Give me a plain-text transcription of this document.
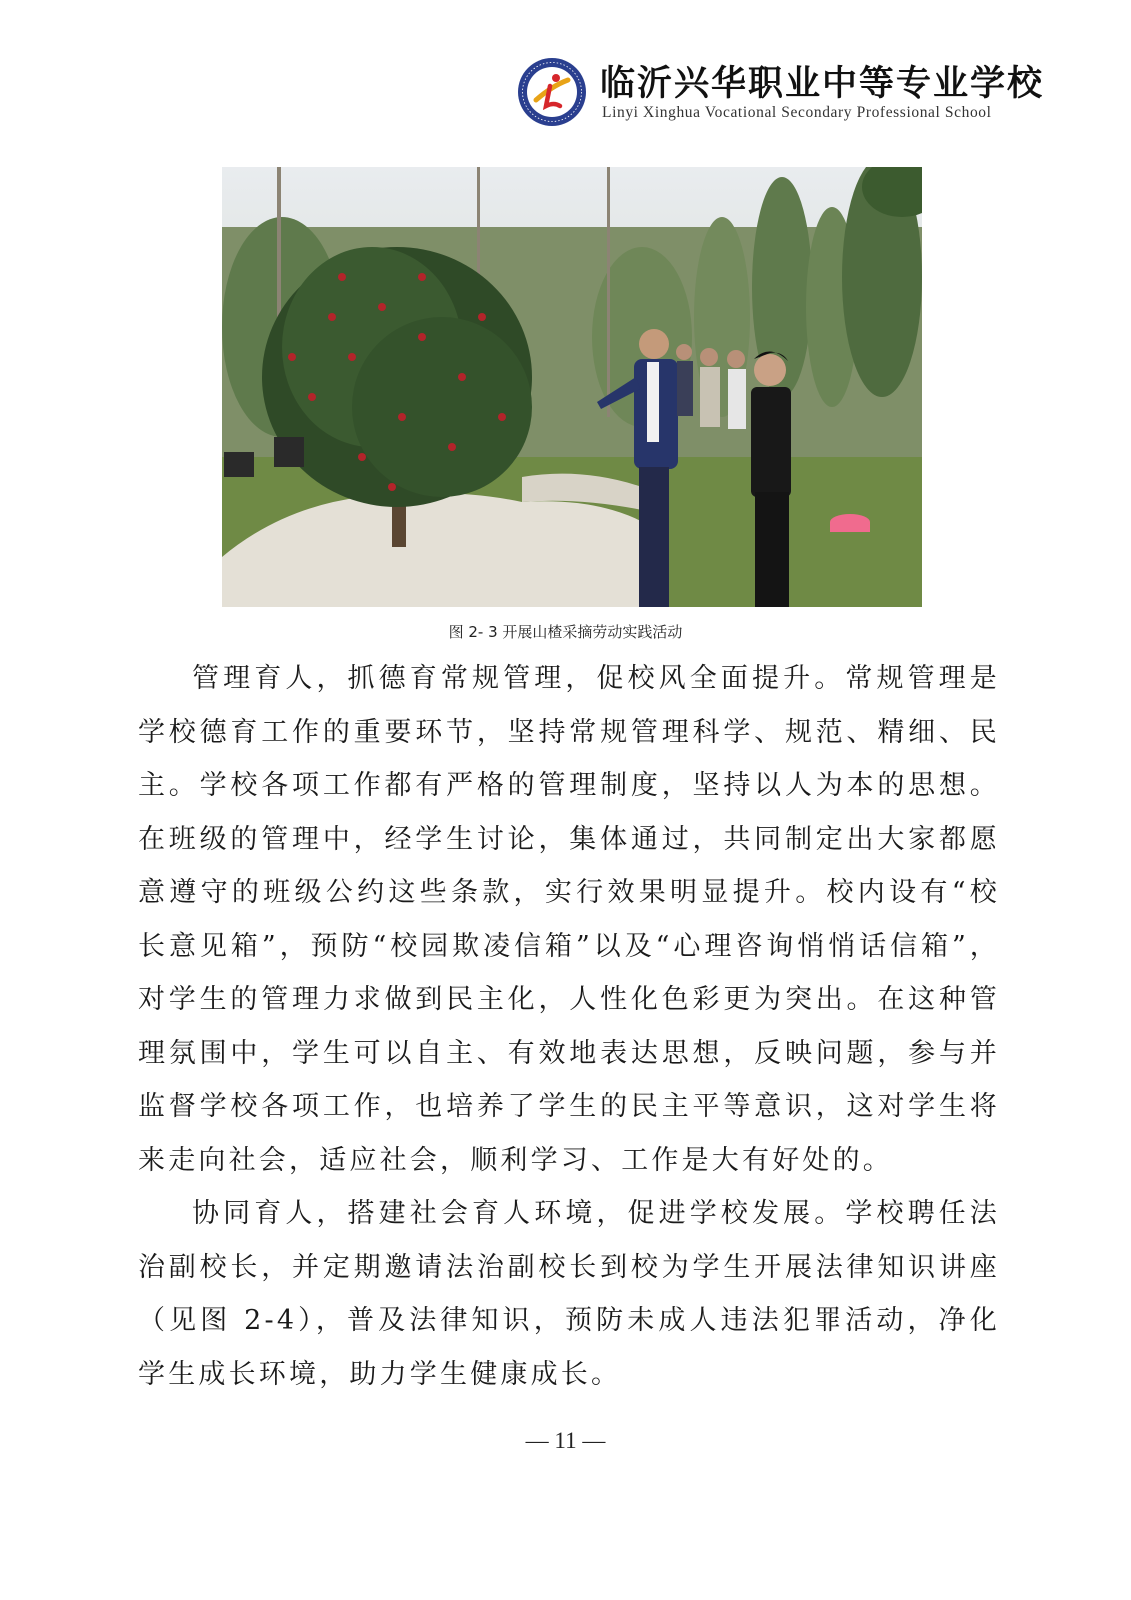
临沂兴华职业中等专业学校
Linyi Xinghua Vocational Secondary Professional School
图 2- 3 开展山楂采摘劳动实践活动

管理育人，抓德育常规管理，促校风全面提升。常规管理是学校德育工作的重要环节，坚持常规管理科学、规范、精细、民主。学校各项工作都有严格的管理制度，坚持以人为本的思想。在班级的管理中，经学生讨论，集体通过，共同制定出大家都愿意遵守的班级公约这些条款，实行效果明显提升。校内设有“校长意见箱”，预防“校园欺凌信箱”以及“心理咨询悄悄话信箱”，对学生的管理力求做到民主化，人性化色彩更为突出。在这种管理氛围中，学生可以自主、有效地表达思想，反映问题，参与并监督学校各项工作，也培养了学生的民主平等意识，这对学生将来走向社会，适应社会，顺利学习、工作是大有好处的。

协同育人，搭建社会育人环境，促进学校发展。学校聘任法治副校长，并定期邀请法治副校长到校为学生开展法律知识讲座（见图 2-4），普及法律知识，预防未成人违法犯罪活动，净化学生成长环境，助力学生健康成长。

— 11 —
